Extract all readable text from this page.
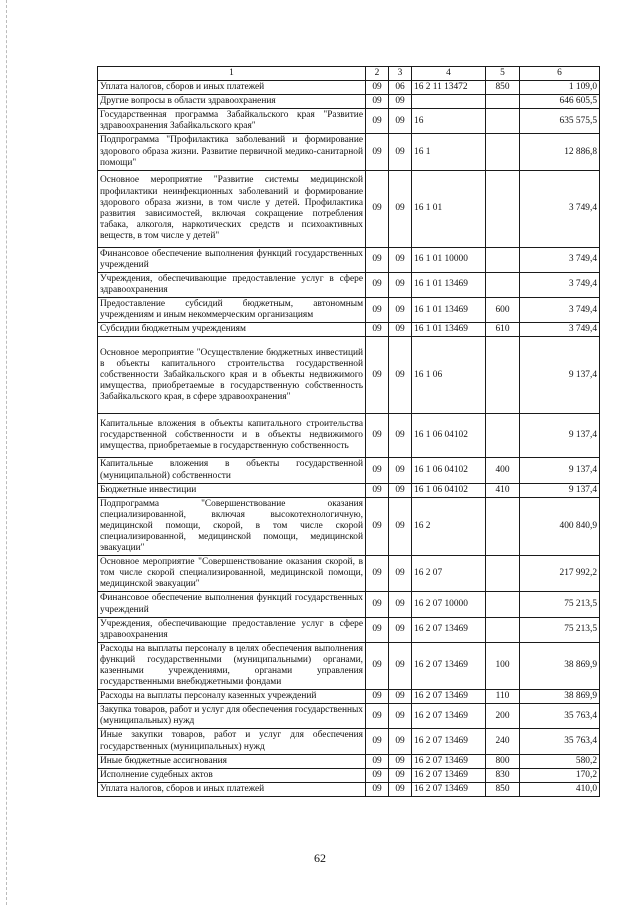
1	2	3	4	5	6
Уплата налогов, сборов и иных платежей	09	06	16 2 11 13472	850	1 109,0
Другие вопросы в области здравоохранения	09	09			646 605,5
Государственная программа Забайкальского края "Развитие здравоохранения Забайкальского края"	09	09	16		635 575,5
Подпрограмма "Профилактика заболеваний и формирование здорового образа жизни. Развитие первичной медико-санитарной помощи"	09	09	16 1		12 886,8
Основное мероприятие "Развитие системы медицинской профилактики неинфекционных заболеваний и формирование здорового образа жизни, в том числе у детей. Профилактика развития зависимостей, включая сокращение потребления табака, алкоголя, наркотических средств и психоактивных веществ, в том числе у детей"	09	09	16 1 01		3 749,4
Финансовое обеспечение выполнения функций государственных учреждений	09	09	16 1 01 10000		3 749,4
Учреждения, обеспечивающие предоставление услуг в сфере здравоохранения	09	09	16 1 01 13469		3 749,4
Предоставление субсидий бюджетным, автономным учреждениям и иным некоммерческим организациям	09	09	16 1 01 13469	600	3 749,4
Субсидии бюджетным учреждениям	09	09	16 1 01 13469	610	3 749,4
Основное мероприятие "Осуществление бюджетных инвестиций в объекты капитального строительства государственной собственности Забайкальского края и в объекты недвижимого имущества, приобретаемые в государственную собственность Забайкальского края, в сфере здравоохранения"	09	09	16 1 06		9 137,4
Капитальные вложения в объекты капитального строительства государственной собственности и в объекты недвижимого имущества, приобретаемые в государственную собственность	09	09	16 1 06 04102		9 137,4
Капитальные вложения в объекты государственной (муниципальной) собственности	09	09	16 1 06 04102	400	9 137,4
Бюджетные инвестиции	09	09	16 1 06 04102	410	9 137,4
Подпрограмма "Совершенствование оказания специализированной, включая высокотехнологичную, медицинской помощи, скорой, в том числе скорой специализированной, медицинской помощи, медицинской эвакуации"	09	09	16 2		400 840,9
Основное мероприятие "Совершенствование оказания скорой, в том числе скорой специализированной, медицинской помощи, медицинской эвакуации"	09	09	16 2 07		217 992,2
Финансовое обеспечение выполнения функций государственных учреждений	09	09	16 2 07 10000		75 213,5
Учреждения, обеспечивающие предоставление услуг в сфере здравоохранения	09	09	16 2 07 13469		75 213,5
Расходы на выплаты персоналу в целях обеспечения выполнения функций государственными (муниципальными) органами, казенными учреждениями, органами управления государственными внебюджетными фондами	09	09	16 2 07 13469	100	38 869,9
Расходы на выплаты персоналу казенных учреждений	09	09	16 2 07 13469	110	38 869,9
Закупка товаров, работ и услуг для обеспечения государственных (муниципальных) нужд	09	09	16 2 07 13469	200	35 763,4
Иные закупки товаров, работ и услуг для обеспечения государственных (муниципальных) нужд	09	09	16 2 07 13469	240	35 763,4
Иные бюджетные ассигнования	09	09	16 2 07 13469	800	580,2
Исполнение судебных актов	09	09	16 2 07 13469	830	170,2
Уплата налогов, сборов и иных платежей	09	09	16 2 07 13469	850	410,0
62
